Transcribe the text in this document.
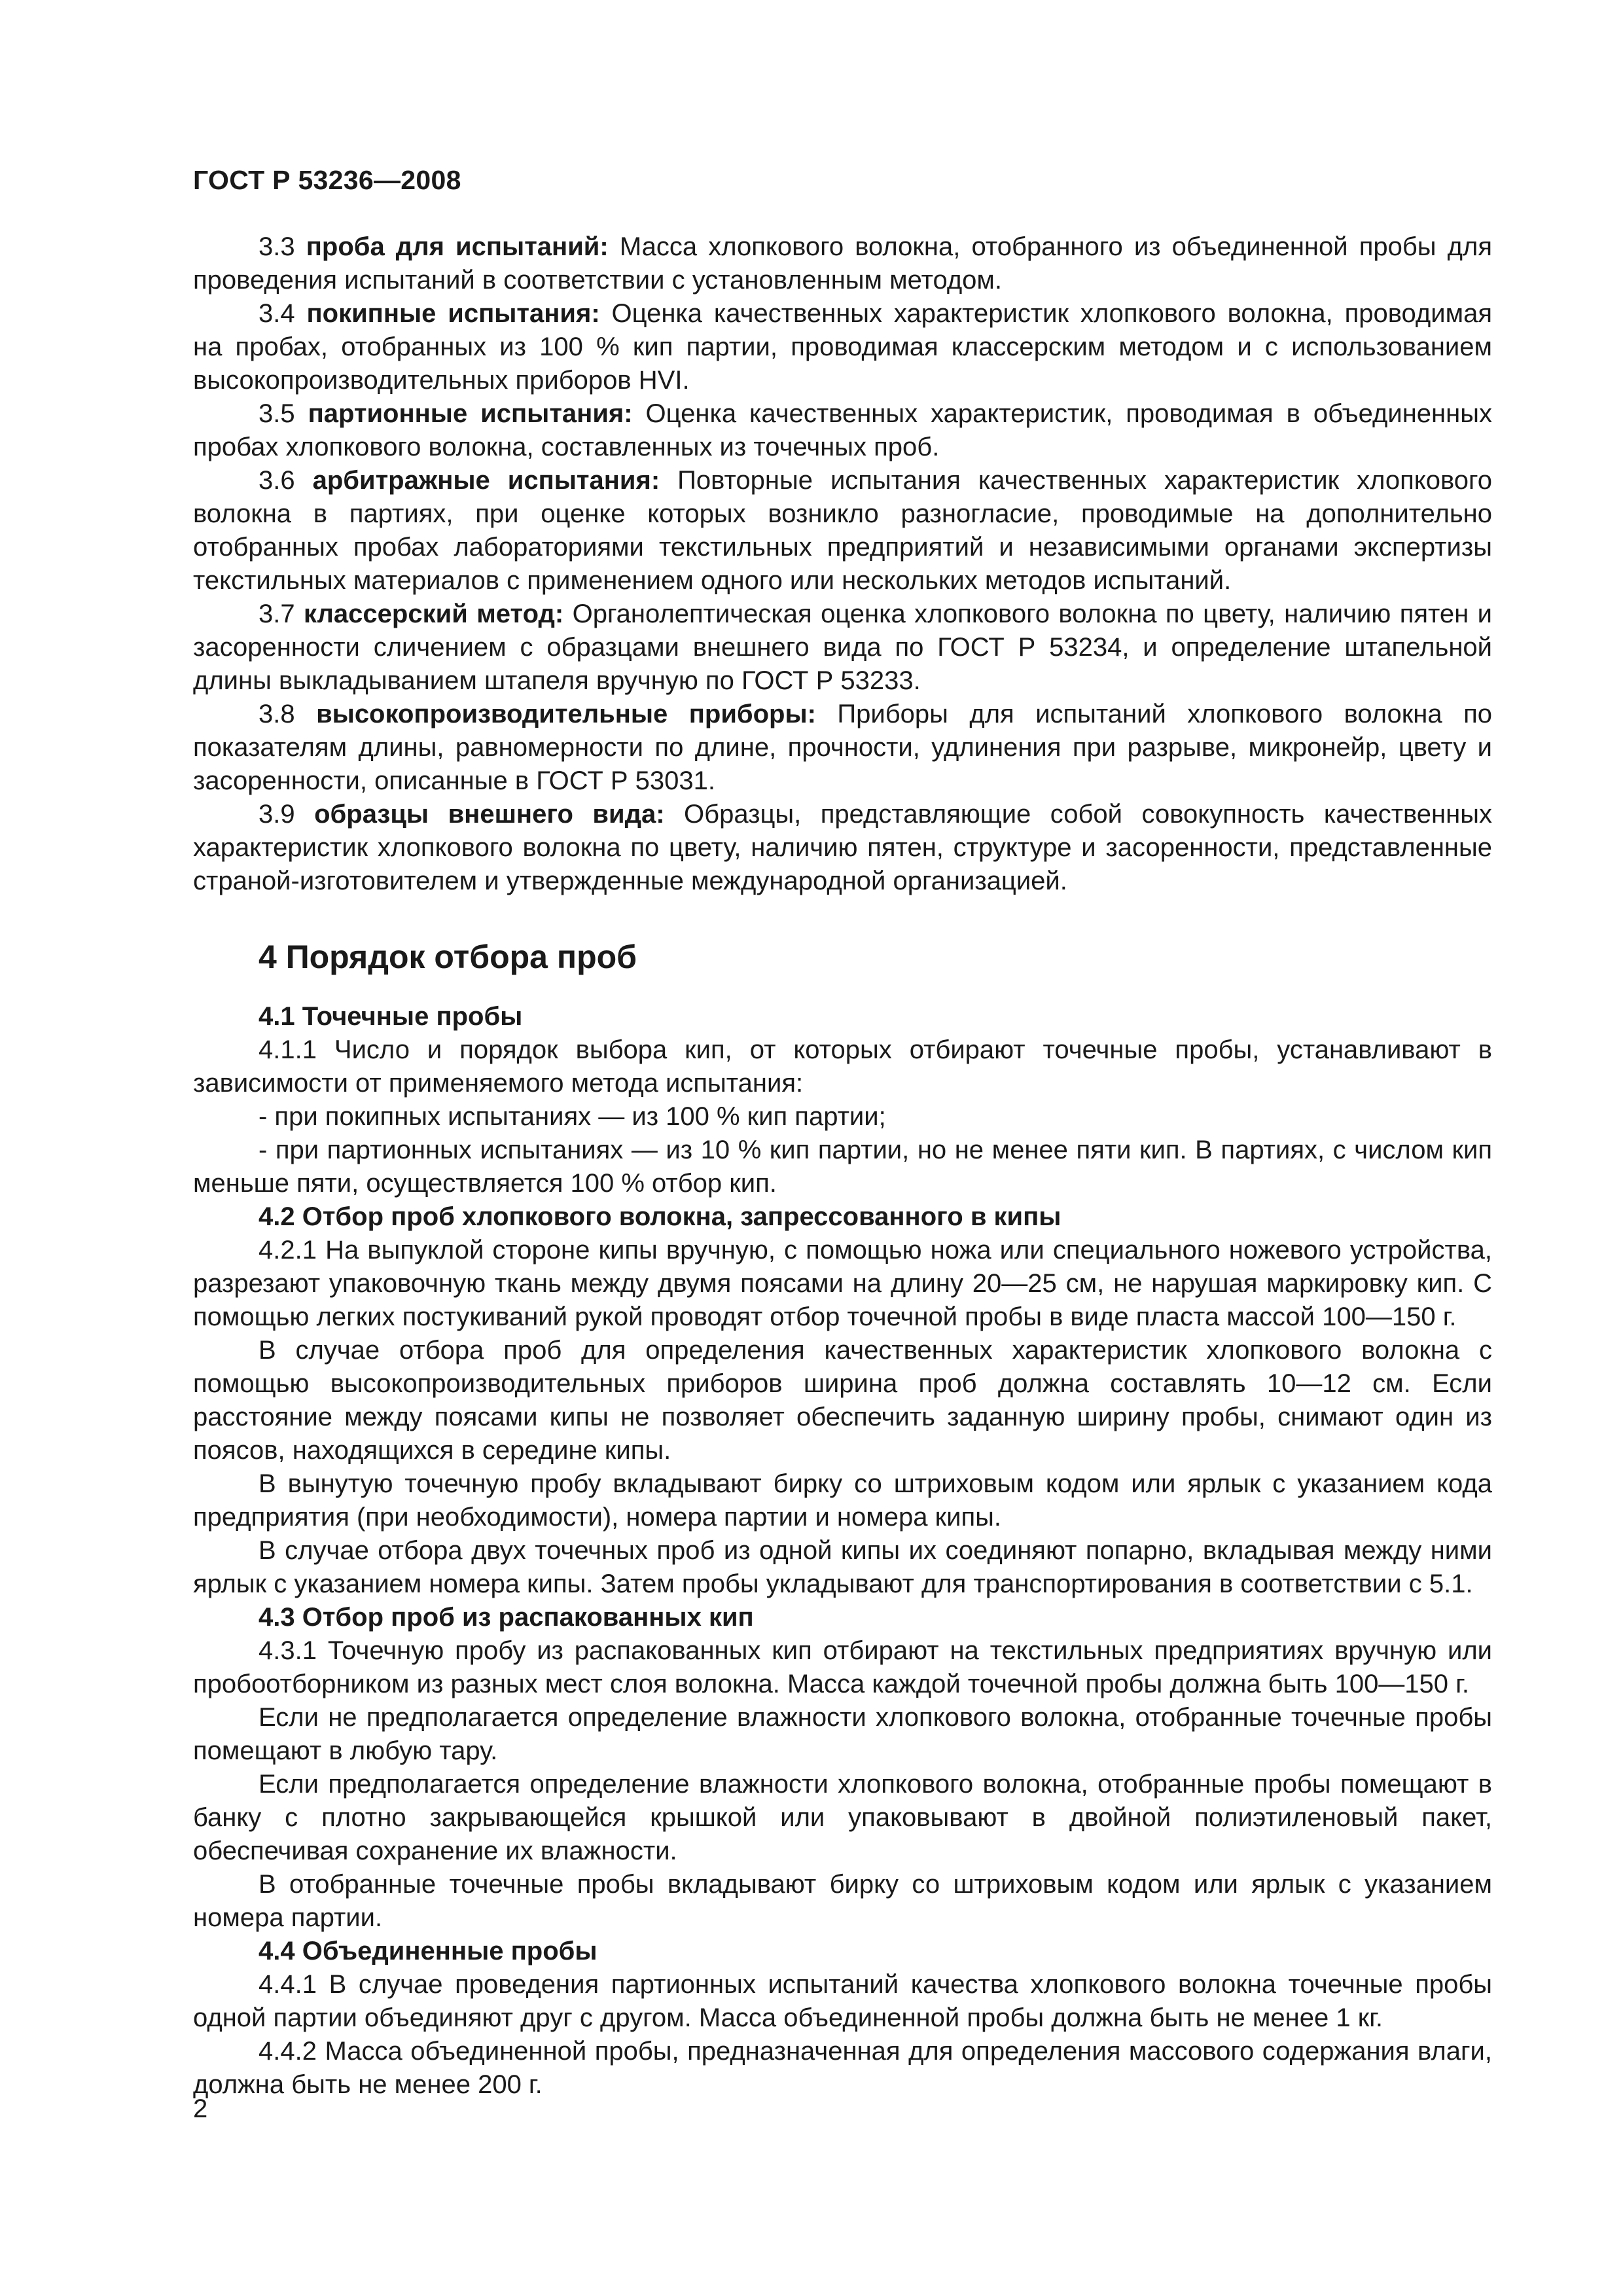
ГОСТ Р 53236—2008

3.3 проба для испытаний: Масса хлопкового волокна, отобранного из объединенной пробы для проведения испытаний в соответствии с установленным методом.

3.4 покипные испытания: Оценка качественных характеристик хлопкового волокна, проводимая на пробах, отобранных из 100 % кип партии, проводимая классерским методом и с использованием высокопроизводительных приборов HVI.

3.5 партионные испытания: Оценка качественных характеристик, проводимая в объединенных пробах хлопкового волокна, составленных из точечных проб.

3.6 арбитражные испытания: Повторные испытания качественных характеристик хлопкового волокна в партиях, при оценке которых возникло разногласие, проводимые на дополнительно отобранных пробах лабораториями текстильных предприятий и независимыми органами экспертизы текстильных материалов с применением одного или нескольких методов испытаний.

3.7 классерский метод: Органолептическая оценка хлопкового волокна по цвету, наличию пятен и засоренности сличением с образцами внешнего вида по ГОСТ Р 53234, и определение штапельной длины выкладыванием штапеля вручную по ГОСТ Р 53233.

3.8 высокопроизводительные приборы: Приборы для испытаний хлопкового волокна по показателям длины, равномерности по длине, прочности, удлинения при разрыве, микронейр, цвету и засоренности, описанные в ГОСТ Р 53031.

3.9 образцы внешнего вида: Образцы, представляющие собой совокупность качественных характеристик хлопкового волокна по цвету, наличию пятен, структуре и засоренности, представленные страной-изготовителем и утвержденные международной организацией.

4 Порядок отбора проб

4.1 Точечные пробы

4.1.1 Число и порядок выбора кип, от которых отбирают точечные пробы, устанавливают в зависимости от применяемого метода испытания:

- при покипных испытаниях — из 100 % кип партии;

- при партионных испытаниях — из 10 % кип партии, но не менее пяти кип. В партиях, с числом кип меньше пяти, осуществляется 100 % отбор кип.

4.2 Отбор проб хлопкового волокна, запрессованного в кипы

4.2.1 На выпуклой стороне кипы вручную, с помощью ножа или специального ножевого устройства, разрезают упаковочную ткань между двумя поясами на длину 20—25 см, не нарушая маркировку кип. С помощью легких постукиваний рукой проводят отбор точечной пробы в виде пласта массой 100—150 г.

В случае отбора проб для определения качественных характеристик хлопкового волокна с помощью высокопроизводительных приборов ширина проб должна составлять 10—12 см. Если расстояние между поясами кипы не позволяет обеспечить заданную ширину пробы, снимают один из поясов, находящихся в середине кипы.

В вынутую точечную пробу вкладывают бирку со штриховым кодом или ярлык с указанием кода предприятия (при необходимости), номера партии и номера кипы.

В случае отбора двух точечных проб из одной кипы их соединяют попарно, вкладывая между ними ярлык с указанием номера кипы. Затем пробы укладывают для транспортирования в соответствии с 5.1.

4.3 Отбор проб из распакованных кип

4.3.1 Точечную пробу из распакованных кип отбирают на текстильных предприятиях вручную или пробоотборником из разных мест слоя волокна. Масса каждой точечной пробы должна быть 100—150 г.

Если не предполагается определение влажности хлопкового волокна, отобранные точечные пробы помещают в любую тару.

Если предполагается определение влажности хлопкового волокна, отобранные пробы помещают в банку с плотно закрывающейся крышкой или упаковывают в двойной полиэтиленовый пакет, обеспечивая сохранение их влажности.

В отобранные точечные пробы вкладывают бирку со штриховым кодом или ярлык с указанием номера партии.

4.4 Объединенные пробы

4.4.1 В случае проведения партионных испытаний качества хлопкового волокна точечные пробы одной партии объединяют друг с другом. Масса объединенной пробы должна быть не менее 1 кг.

4.4.2 Масса объединенной пробы, предназначенная для определения массового содержания влаги, должна быть не менее 200 г.

2
